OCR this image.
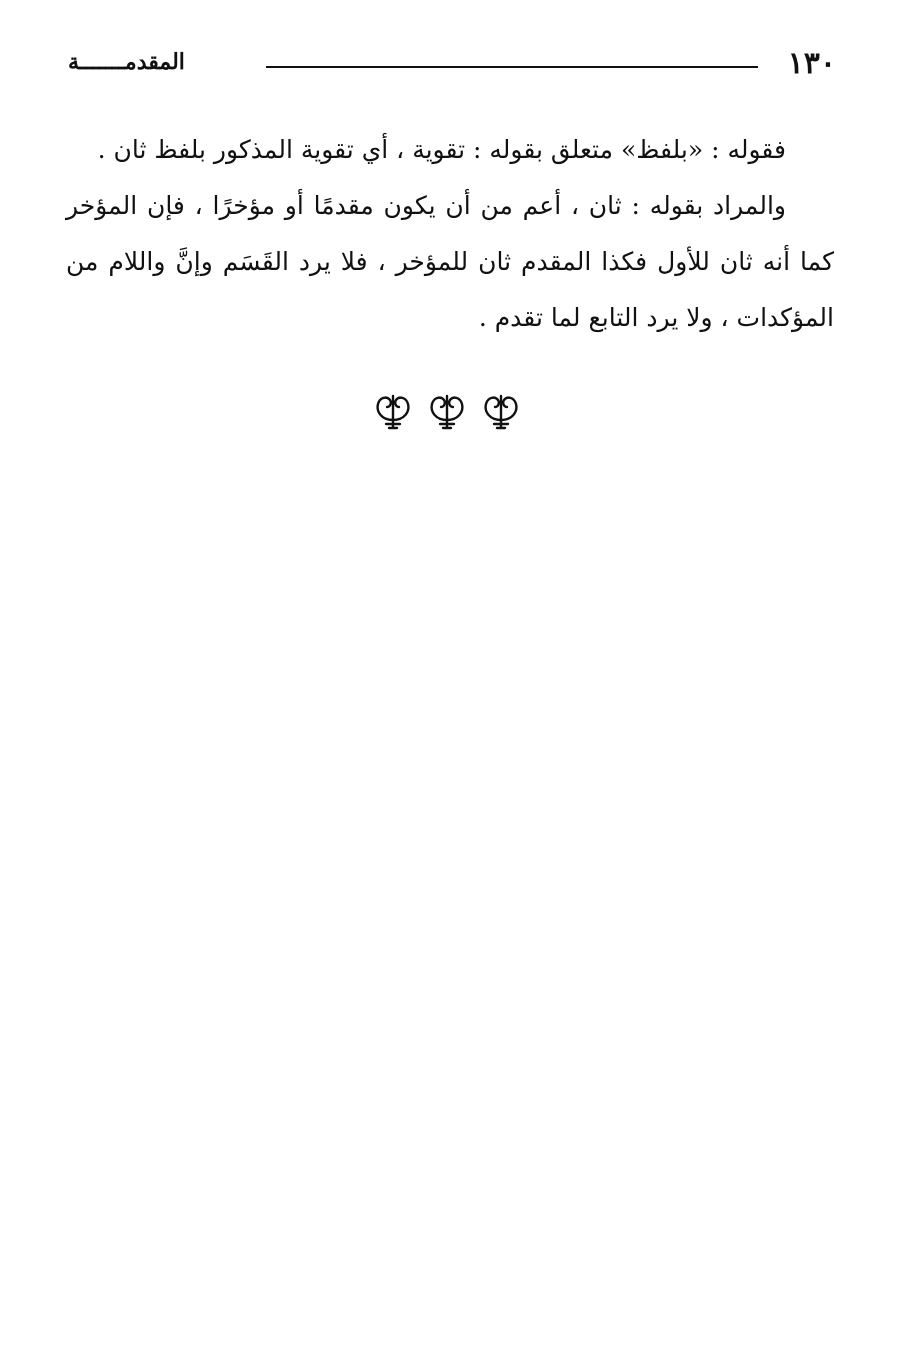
١٣٠
المقدمـــــــة

فقوله : «بلفظ» متعلق بقوله : تقوية ، أي تقوية المذكور بلفظ ثان .

والمراد بقوله : ثان ، أعم من أن يكون مقدمًا أو مؤخرًا ، فإن المؤخر كما أنه ثان للأول فكذا المقدم ثان للمؤخر ، فلا يرد القَسَم وإنَّ واللام من المؤكدات ، ولا يرد التابع لما تقدم .
